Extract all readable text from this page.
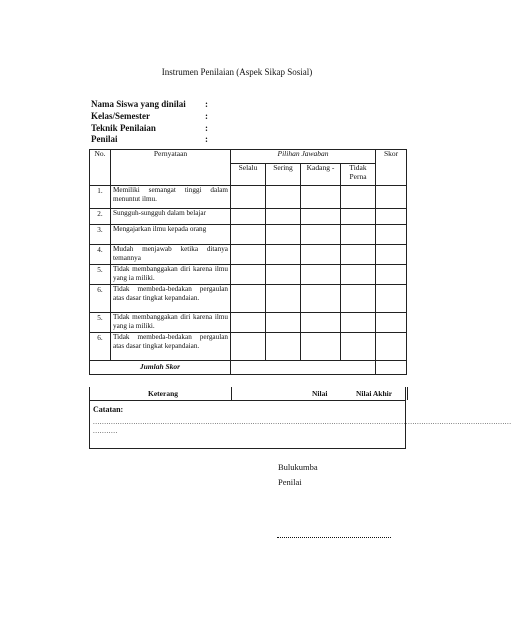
Instrumen Penilaian (Aspek Sikap Sosial)
Nama Siswa yang dinilai :
Kelas/Semester	:
Teknik Penilaian	:
Penilai	:
No.	Pernyataan	Pilihan Jawaban				Skor
		Selalu	Sering	Kadang -	Tidak Perna	
1.	Memiliki semangat tinggi dalam menuntut ilmu.					

2.	Sungguh-sungguh dalam belajar					

3.	Mengajarkan ilmu kepada orang					

4.	Mudah menjawab ketika ditanya temannya					

5.	Tidak membanggakan diri karena ilmu yang ia miliki.					

6.	Tidak membeda-bedakan pergaulan atas dasar tingkat kepandaian.					

5.	Tidak membanggakan diri karena ilmu yang ia miliki.					

6.	Tidak membeda-bedakan pergaulan atas dasar tingkat kepandaian.					

Jumlah Skor						
Keterang	Nilai	Nilai Akhir
Catatan:
..........................................................................................................................................................................................
...........
Bulukumba
Penilai
